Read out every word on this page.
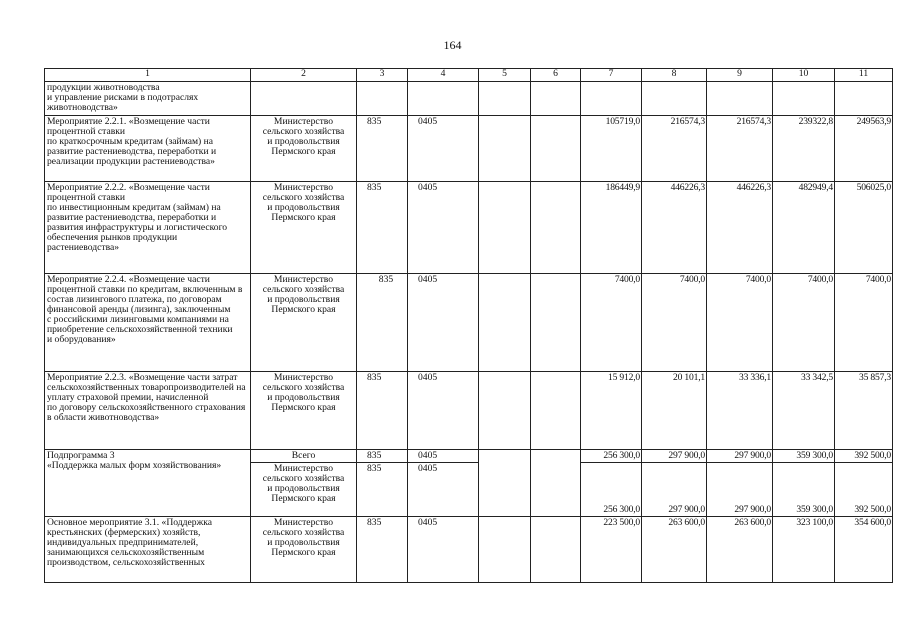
164
1	2	3	4	5	6	7	8	9	10	11
продукции животноводства
и управление рисками в подотраслях животноводства»										
Мероприятие 2.2.1. «Возмещение части процентной ставки
по краткосрочным кредитам (займам) на развитие растениеводства, переработки и реализации продукции растениеводства»	Министерство сельского хозяйства
и продовольствия Пермского края	835	0405			105719,0	216574,3	216574,3	239322,8	249563,9
Мероприятие 2.2.2. «Возмещение части процентной ставки
по инвестиционным кредитам (займам) на развитие растениеводства, переработки и развития инфраструктуры и логистического обеспечения рынков продукции растениеводства»	Министерство сельского хозяйства
и продовольствия Пермского края	835	0405			186449,9	446226,3	446226,3	482949,4	506025,0
Мероприятие 2.2.4. «Возмещение части процентной ставки по кредитам, включенным в состав лизингового платежа, по договорам финансовой аренды (лизинга), заключенным
с российскими лизинговыми компаниями на приобретение сельскохозяйственной техники
и оборудования»	Министерство сельского хозяйства
и продовольствия Пермского края	835	0405			7400,0	7400,0	7400,0	7400,0	7400,0
Мероприятие 2.2.3. «Возмещение части затрат сельскохозяйственных товаропроизводителей на уплату страховой премии, начисленной
по договору сельскохозяйственного страхования в области животноводства»	Министерство сельского хозяйства
и продовольствия Пермского края	835	0405			15 912,0	20 101,1	33 336,1	33 342,5	35 857,3
Подпрограмма 3
«Поддержка малых форм хозяйствования»	Всего	835	0405			256 300,0	297 900,0	297 900,0	359 300,0	392 500,0
	Министерство сельского хозяйства
и продовольствия Пермского края	835	0405			256 300,0	297 900,0	297 900,0	359 300,0	392 500,0
Основное мероприятие 3.1. «Поддержка крестьянских (фермерских) хозяйств, индивидуальных предпринимателей, занимающихся сельскохозяйственным производством, сельскохозяйственных	Министерство сельского хозяйства
и продовольствия Пермского края	835	0405			223 500,0	263 600,0	263 600,0	323 100,0	354 600,0
